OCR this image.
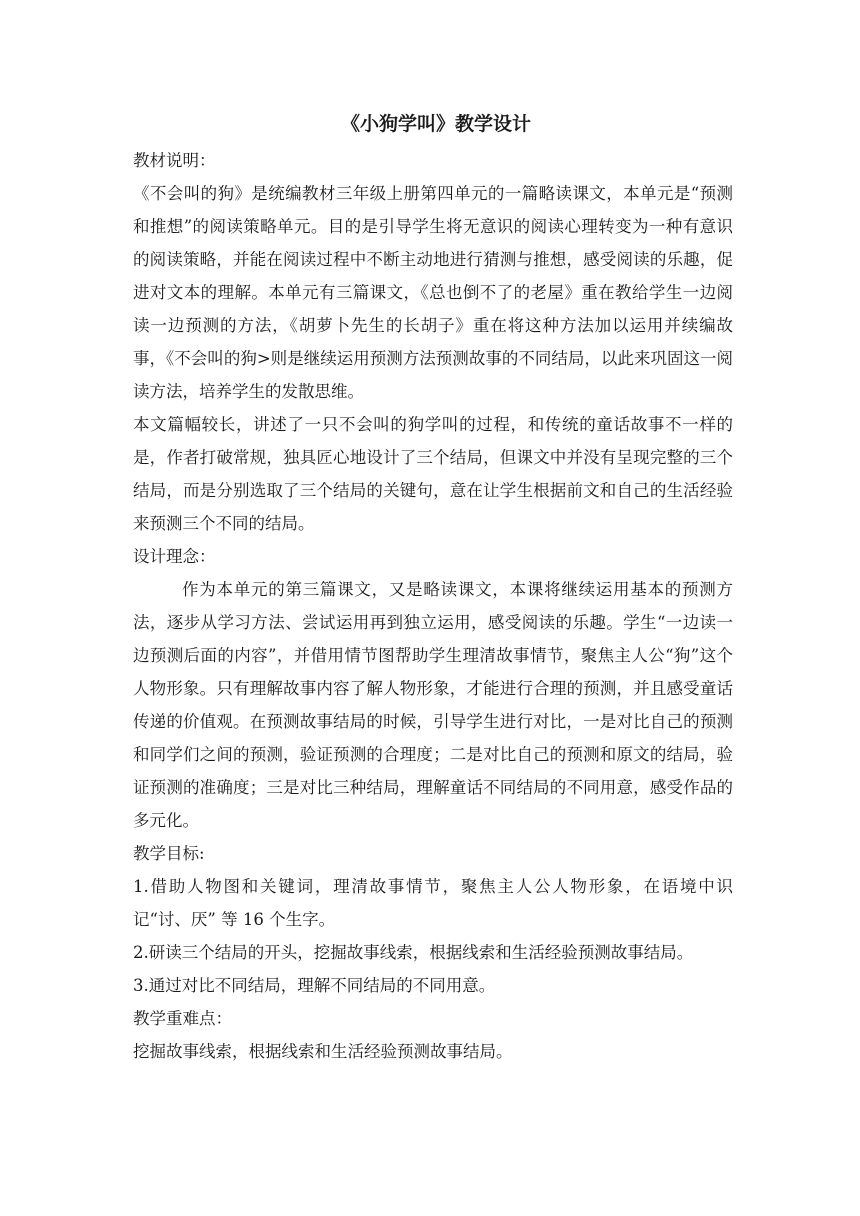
《小狗学叫》教学设计

教材说明：

《不会叫的狗》是统编教材三年级上册第四单元的一篇略读课文，本单元是“预测和推想”的阅读策略单元。目的是引导学生将无意识的阅读心理转变为一种有意识的阅读策略，并能在阅读过程中不断主动地进行猜测与推想，感受阅读的乐趣，促进对文本的理解。本单元有三篇课文，《总也倒不了的老屋》重在教给学生一边阅读一边预测的方法，《胡萝卜先生的长胡子》重在将这种方法加以运用并续编故事，《不会叫的狗>则是继续运用预测方法预测故事的不同结局，以此来巩固这一阅读方法，培养学生的发散思维。

本文篇幅较长，讲述了一只不会叫的狗学叫的过程，和传统的童话故事不一样的是，作者打破常规，独具匠心地设计了三个结局，但课文中并没有呈现完整的三个结局，而是分别选取了三个结局的关键句，意在让学生根据前文和自己的生活经验来预测三个不同的结局。

设计理念：

作为本单元的第三篇课文，又是略读课文，本课将继续运用基本的预测方法，逐步从学习方法、尝试运用再到独立运用，感受阅读的乐趣。学生“一边读一边预测后面的内容”，并借用情节图帮助学生理清故事情节，聚焦主人公“狗”这个人物形象。只有理解故事内容了解人物形象，才能进行合理的预测，并且感受童话传递的价值观。在预测故事结局的时候，引导学生进行对比，一是对比自己的预测和同学们之间的预测，验证预测的合理度；二是对比自己的预测和原文的结局，验证预测的准确度；三是对比三种结局，理解童话不同结局的不同用意，感受作品的多元化。

教学目标:

1.借助人物图和关键词，理清故事情节，聚焦主人公人物形象，在语境中识记“讨、厌” 等 16 个生字。

2.研读三个结局的开头，挖掘故事线索，根据线索和生活经验预测故事结局。

3.通过对比不同结局，理解不同结局的不同用意。

教学重难点：

挖掘故事线索，根据线索和生活经验预测故事结局。
